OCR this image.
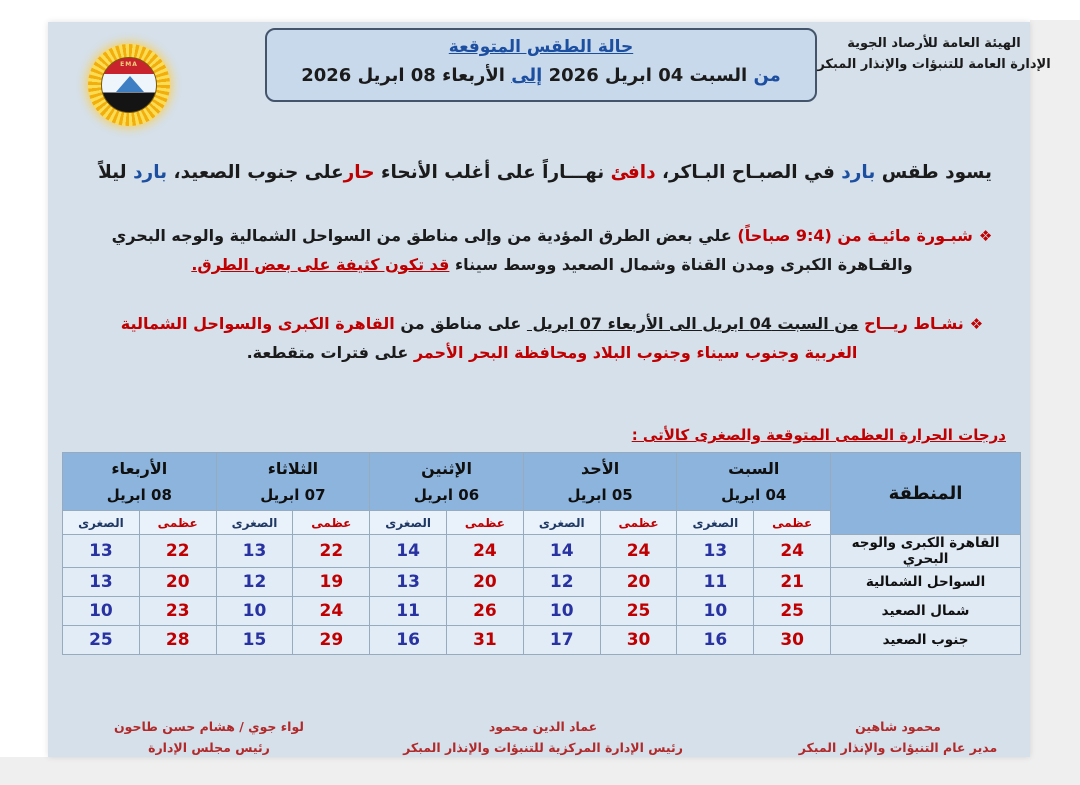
EMA
حالة الطقس المتوقعة
من السبت 04 ابريل 2026 إلى الأربعاء 08 ابريل 2026
الهيئة العامة للأرصاد الجوية
الإدارة العامة للتنبؤات والإنذار المبكر
يسود طقس بارد في الصبـاح البـاكر، دافئ نهـــاراً على أغلب الأنحاء حارعلى جنوب الصعيد، بارد ليلاً
❖شبـورة مائيـة من (9:4 صباحاً) علي بعض الطرق المؤدية من وإلى مناطق من السواحل الشمالية والوجه البحري والقـاهرة الكبرى ومدن القناة وشمال الصعيد ووسط سيناء قد تكون كثيفة على بعض الطرق.
❖نشـاط ريــاح من السبت 04 ابريل الى الأربعاء 07 ابريل  على مناطق من القاهرة الكبرى والسواحل الشمالية الغربية وجنوب سيناء وجنوب البلاد ومحافظة البحر الأحمر على فترات متقطعة.
درجات الحرارة العظمى المتوقعة والصغرى كالأتى :
المنطقة	
السبت
04 ابريل

الأحد
05 ابريل

الإثنين
06 ابريل

الثلاثاء
07 ابريل

الأربعاء
08 ابريل

	عظمى	الصغرى	عظمى	الصغرى	عظمى	الصغرى	عظمى	الصغرى	عظمى	الصغرى
القاهرة الكبرى والوجه البحري	24	13	24	14	24	14	22	13	22	13
السواحل الشمالية	21	11	20	12	20	13	19	12	20	13
شمال الصعيد	25	10	25	10	26	11	24	10	23	10
جنوب الصعيد	30	16	30	17	31	16	29	15	28	25
محمود شاهين
مدير عام التنبؤات والإنذار المبكر
عماد الدين محمود
رئيس الإدارة المركزية للتنبؤات والإنذار المبكر
لواء جوي / هشام حسن طاحون
رئيس مجلس الإدارة
